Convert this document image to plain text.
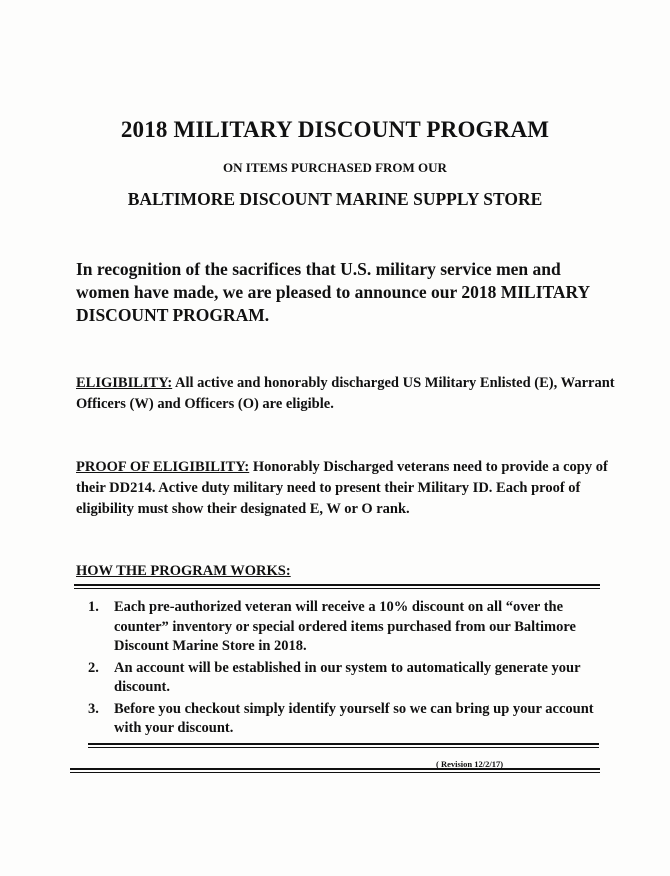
2018 MILITARY DISCOUNT PROGRAM
ON ITEMS PURCHASED FROM OUR
BALTIMORE DISCOUNT MARINE SUPPLY STORE
In recognition of the sacrifices that U.S. military service men and women have made, we are pleased to announce our 2018 MILITARY DISCOUNT PROGRAM.
ELIGIBILITY: All active and honorably discharged US Military Enlisted (E), Warrant Officers (W) and Officers (O) are eligible.
PROOF OF ELIGIBILITY: Honorably Discharged veterans need to provide a copy of their DD214. Active duty military need to present their Military ID. Each proof of eligibility must show their designated E, W or O rank.
HOW THE PROGRAM WORKS:
1.	Each pre-authorized veteran will receive a 10% discount on all “over the counter” inventory or special ordered items purchased from our Baltimore Discount Marine Store in 2018.
2.	An account will be established in our system to automatically generate your discount.
3.	Before you checkout simply identify yourself so we can bring up your account with your discount.
( Revision 12/2/17)
